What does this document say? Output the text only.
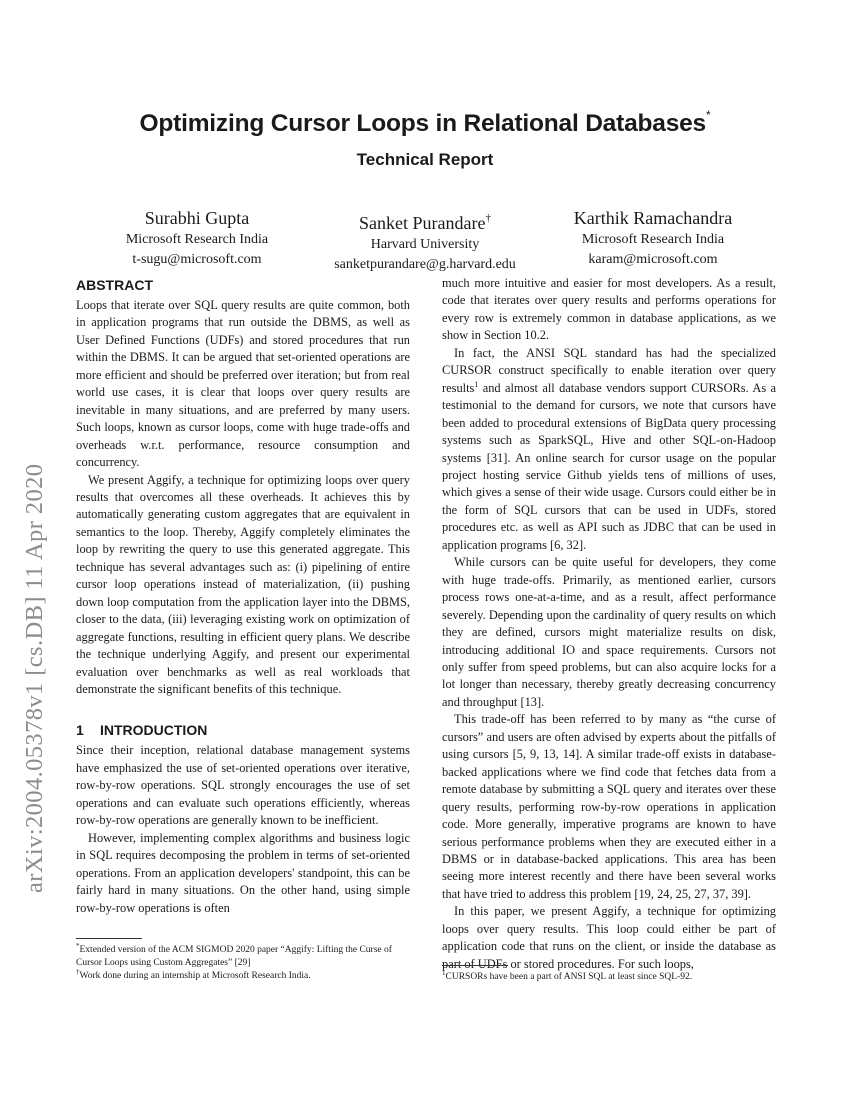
arXiv:2004.05378v1 [cs.DB] 11 Apr 2020
Optimizing Cursor Loops in Relational Databases*
Technical Report
Surabhi Gupta
Microsoft Research India
t-sugu@microsoft.com
Sanket Purandare†
Harvard University
sanketpurandare@g.harvard.edu
Karthik Ramachandra
Microsoft Research India
karam@microsoft.com
ABSTRACT

Loops that iterate over SQL query results are quite common, both in application programs that run outside the DBMS, as well as User Defined Functions (UDFs) and stored procedures that run within the DBMS. It can be argued that set-oriented operations are more efficient and should be preferred over iteration; but from real world use cases, it is clear that loops over query results are inevitable in many situations, and are preferred by many users. Such loops, known as cursor loops, come with huge trade-offs and overheads w.r.t. performance, resource consumption and concurrency.

We present Aggify, a technique for optimizing loops over query results that overcomes all these overheads. It achieves this by automatically generating custom aggregates that are equivalent in semantics to the loop. Thereby, Aggify completely eliminates the loop by rewriting the query to use this generated aggregate. This technique has several advantages such as: (i) pipelining of entire cursor loop operations instead of materialization, (ii) pushing down loop computation from the application layer into the DBMS, closer to the data, (iii) leveraging existing work on optimization of aggregate functions, resulting in efficient query plans. We describe the technique underlying Aggify, and present our experimental evaluation over benchmarks as well as real workloads that demonstrate the significant benefits of this technique.

1 INTRODUCTION

Since their inception, relational database management systems have emphasized the use of set-oriented operations over iterative, row-by-row operations. SQL strongly encourages the use of set operations and can evaluate such operations efficiently, whereas row-by-row operations are generally known to be inefficient.

However, implementing complex algorithms and business logic in SQL requires decomposing the problem in terms of set-oriented operations. From an application developers' standpoint, this can be fairly hard in many situations. On the other hand, using simple row-by-row operations is often

much more intuitive and easier for most developers. As a result, code that iterates over query results and performs operations for every row is extremely common in database applications, as we show in Section 10.2.

In fact, the ANSI SQL standard has had the specialized CURSOR construct specifically to enable iteration over query results$^1$ and almost all database vendors support CURSORs. As a testimonial to the demand for cursors, we note that cursors have been added to procedural extensions of BigData query processing systems such as SparkSQL, Hive and other SQL-on-Hadoop systems [31]. An online search for cursor usage on the popular project hosting service Github yields tens of millions of uses, which gives a sense of their wide usage. Cursors could either be in the form of SQL cursors that can be used in UDFs, stored procedures etc. as well as API such as JDBC that can be used in application programs [6, 32].

While cursors can be quite useful for developers, they come with huge trade-offs. Primarily, as mentioned earlier, cursors process rows one-at-a-time, and as a result, affect performance severely. Depending upon the cardinality of query results on which they are defined, cursors might materialize results on disk, introducing additional IO and space requirements. Cursors not only suffer from speed problems, but can also acquire locks for a lot longer than necessary, thereby greatly decreasing concurrency and throughput [13].

This trade-off has been referred to by many as “the curse of cursors” and users are often advised by experts about the pitfalls of using cursors [5, 9, 13, 14]. A similar trade-off exists in database-backed applications where we find code that fetches data from a remote database by submitting a SQL query and iterates over these query results, performing row-by-row operations in application code. More generally, imperative programs are known to have serious performance problems when they are executed either in a DBMS or in database-backed applications. This area has been seeing more interest recently and there have been several works that have tried to address this problem [19, 24, 25, 27, 37, 39].

In this paper, we present Aggify, a technique for optimizing loops over query results. This loop could either be part of application code that runs on the client, or inside the database as part of UDFs or stored procedures. For such loops,

*Extended version of the ACM SIGMOD 2020 paper “Aggify: Lifting the Curse of Cursor Loops using Custom Aggregates” [29]
†Work done during an internship at Microsoft Research India.	$^1$CURSORs have been a part of ANSI SQL at least since SQL-92.
